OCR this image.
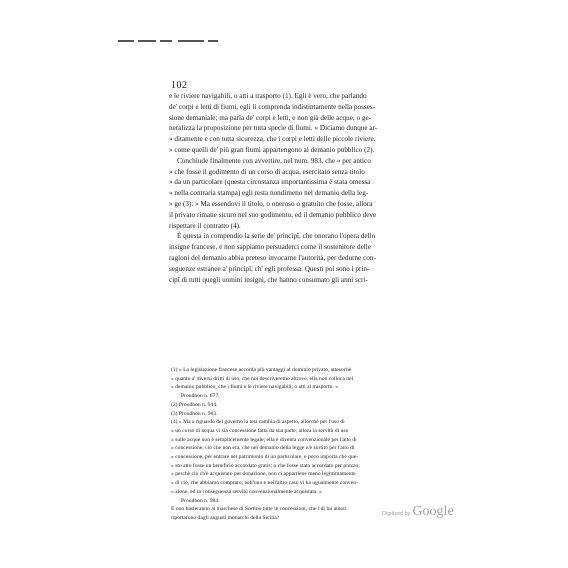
102
e le riviere navigabili, o atti a trasporto (1). Egli è vero, che parlando
de' corpi e letti di fiumi, egli li comprenda indistintamente nella posses-
sione demaniale; ma parla de' corpi e letti, e non già delle acque, o ge-
neralizza la proposizione per tutta specie di fiumi. « Diciamo dunque ar-
» ditamente e con tutta sicurezza, che i corpi e letti delle piccole riviere,
» come quelli de' più gran fiumi appartengono al demanio pubblico (2).
Conchiude finalmente con avvertire, nel num. 983, che « per antico
» che fosse il godimento di un corso di acqua, esercitato senza titolo
» da un particolare (questa circostanza importantissima è stata omessa
» nella contraria stampa) egli resta nondimeno nel demanio della leg-
» ge (3). » Ma essendovi il titolo, o oneroso o gratuito che fosse, allora
il privato rimane sicuro nel suo godimento, ed il demanio pubblico deve
rispettare il contratto (4).
È questa in compendio la serie de' principî, che onorano l'opera dello
insigne francese, e non sappiamo persuaderci come il sostenitore delle
ragioni del demanio abbia preteso invocarne l'autorità, per dedurne con-
seguenze estranee a' principî, ch' egli professa. Questi poi sono i prin-
cipî di tutti quegli uomini insigni, che hanno consumato gli anni scri-
(1) « La legislazione francese accorda più vantaggi al dominio privato, attesochè
» quanto a' diversi dritti di uso, che noi descriveremo altrove, ella non colloca nel
» demanio pubblico, che i fiumi e le riviere navigabili, o atti al trasporto. »
Proudhon n. 677.
(2) Proudhon n. 944.
(3) Proudhon n. 983.
(4) » Ma a riguardo del governo la tesi cambia di aspetto, allorchè per l'uso di
» un corso di acqua vi sia concessione fatta da sua parte; allora la servitù di uso
» sulle acque non è semplicemente legale; ella è diventa convenzionale per l'atto di
» concessione; ciò che non era, che nel demanio della legge n'è sortito per l'atto di
» concessione, per entrare nel patrimonio di un particolare, e poco importa che que-
» sto atto fosse un beneficio accordato gratis; o che fosse stato accordato per prezzo;
» perchè ciò ch'è acquistato per donazione, non ci appartiene meno legittimamente
» di ciò, che abbiamo comprato; nell'uno e nell'altro caso vi ha ugualmente conven-
» zione, ed in conseguenza servitù convenzionalmente acquistata. »
Proudhon n. 984.
E non basteranno al marchese di Sortino tutte le concessioni, che i di lui autori
riportarono dagli augusti monarchi della Sicilia?
Digitized by Google
